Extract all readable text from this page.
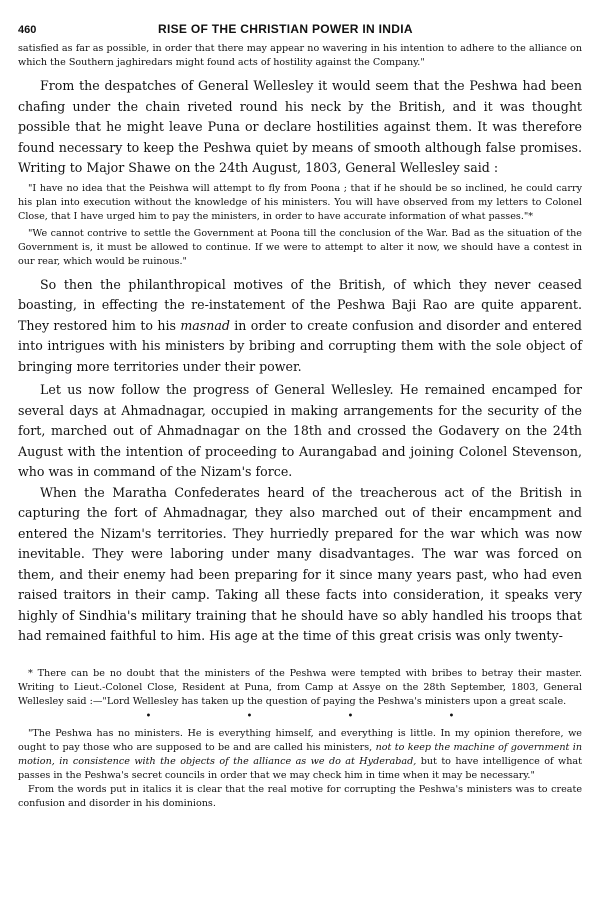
460	RISE OF THE CHRISTIAN POWER IN INDIA

satisfied as far as possible, in order that there may appear no wavering in his intention to adhere to the alliance on which the Southern jaghiredars might found acts of hostility against the Company."

From the despatches of General Wellesley it would seem that the Peshwa had been chafing under the chain riveted round his neck by the British, and it was thought possible that he might leave Puna or declare hostilities against them. It was therefore found necessary to keep the Peshwa quiet by means of smooth although false promises. Writing to Major Shawe on the 24th August, 1803, General Wellesley said :

"I have no idea that the Peishwa will attempt to fly from Poona ; that if he should be so inclined, he could carry his plan into execution without the knowledge of his ministers. You will have observed from my letters to Colonel Close, that I have urged him to pay the ministers, in order to have accurate information of what passes."*

"We cannot contrive to settle the Government at Poona till the conclusion of the War. Bad as the situation of the Government is, it must be allowed to continue. If we were to attempt to alter it now, we should have a contest in our rear, which would be ruinous."

So then the philanthropical motives of the British, of which they never ceased boasting, in effecting the re-instatement of the Peshwa Baji Rao are quite apparent. They restored him to his masnad in order to create confusion and disorder and entered into intrigues with his ministers by bribing and corrupting them with the sole object of bringing more territories under their power.

Let us now follow the progress of General Wellesley. He remained encamped for several days at Ahmadnagar, occupied in making arrangements for the security of the fort, marched out of Ahmadnagar on the 18th and crossed the Godavery on the 24th August with the intention of proceeding to Aurangabad and joining Colonel Stevenson, who was in command of the Nizam's force.

When the Maratha Confederates heard of the treacherous act of the British in capturing the fort of Ahmadnagar, they also marched out of their encampment and entered the Nizam's territories. They hurriedly prepared for the war which was now inevitable. They were laboring under many disadvantages. The war was forced on them, and their enemy had been preparing for it since many years past, who had even raised traitors in their camp. Taking all these facts into consideration, it speaks very highly of Sindhia's military training that he should have so ably handled his troops that had remained faithful to him. His age at the time of this great crisis was only twenty-

* There can be no doubt that the ministers of the Peshwa were tempted with bribes to betray their master. Writing to Lieut.-Colonel Close, Resident at Puna, from Camp at Assye on the 28th September, 1803, General Wellesley said :—"Lord Wellesley has taken up the question of paying the Peshwa's ministers upon a great scale.

•	•	•	•

"The Peshwa has no ministers. He is everything himself, and everything is little. In my opinion therefore, we ought to pay those who are supposed to be and are called his ministers, not to keep the machine of government in motion, in consistence with the objects of the alliance as we do at Hyderabad, but to have intelligence of what passes in the Peshwa's secret councils in order that we may check him in time when it may be necessary."

From the words put in italics it is clear that the real motive for corrupting the Peshwa's ministers was to create confusion and disorder in his dominions.
